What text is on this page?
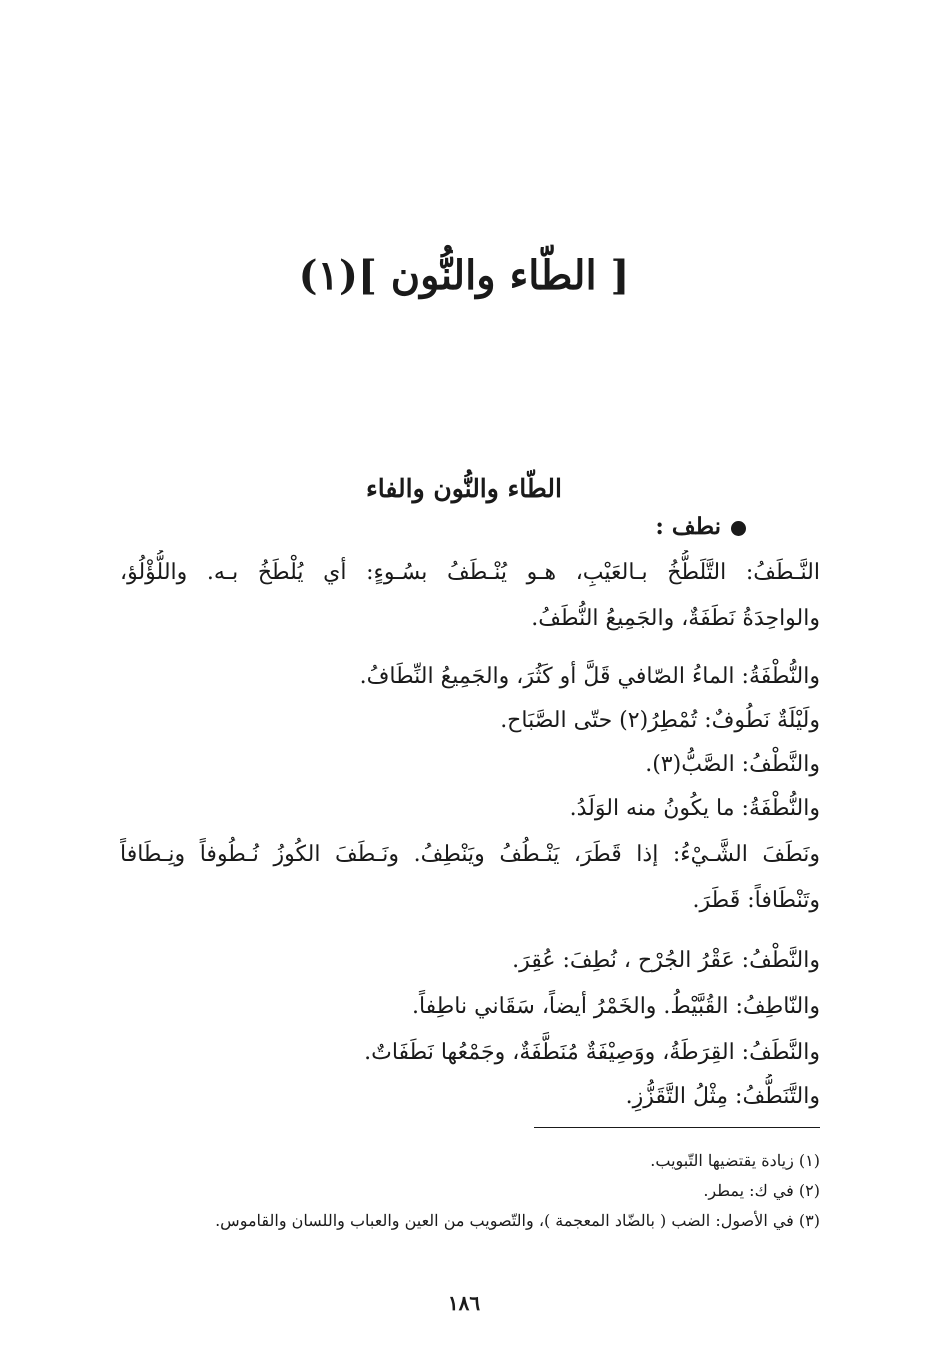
[ الطّاء والنُّون ](١)
الطّاء والنُّون والفاء
نطف :
النَّـطَفُ: التَّلَطُّخُ بـالعَيْبِ، هـو يُنْـطَفُ بسُـوءٍ: أي يُلْطَخُ بـه. واللُّؤْلُؤ،
والواحِدَةُ نَطَفَةٌ، والجَمِيعُ النُّطَفُ.
والنُّطْفَةُ: الماءُ الصّافي قَلَّ أو كَثُرَ، والجَمِيعُ النِّطَافُ.
ولَيْلَةٌ نَطُوفٌ: تُمْطِرُ(٢) حتّى الصَّبَاح.
والنَّطْفُ: الصَّبُّ(٣).
والنُّطْفَةُ: ما يكُونُ منه الوَلَدُ.
ونَطَفَ الشَّـيْءُ: إذا قَطَرَ، يَنْـطُفُ ويَنْطِفُ. ونَـطَفَ الكُوزُ نُـطُوفاً ونِـطَافاً
وتَنْطَافاً: قَطَرَ.
والنَّطْفُ: عَقْرُ الجُرْح ، نُطِفَ: عُقِرَ.
والنّاطِفُ: القُبَّيْطُ. والخَمْرُ أيضاً، سَقَاني ناطِفاً.
والنَّطَفُ: القِرَطَةُ، ووَصِيْفَةٌ مُنَطَّفَةٌ، وجَمْعُها نَطَفَاتٌ.
والتَّنَطُّفُ: مِثْلُ التَّقَزُّزِ.
(١) زيادة يقتضيها التّبويب.
(٢) في ك: يمطر.
(٣) في الأصول: الضب ( بالضّاد المعجمة )، والتّصويب من العين والعباب واللسان والقاموس.
١٨٦
